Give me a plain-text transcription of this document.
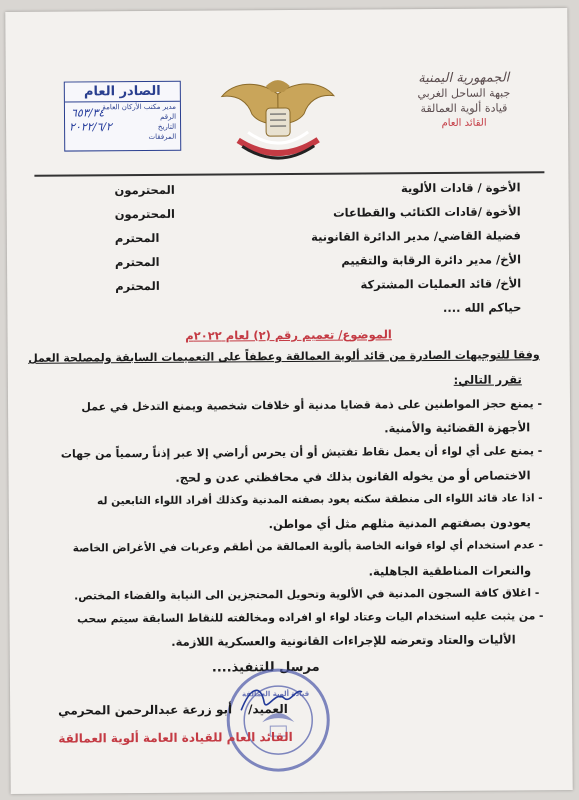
الجمهورية اليمنية
جبهة الساحل الغربي
قيادة ألوية العمالقة
القائد العام
الصادر العام
مدير مكتب الأركان العامة
الرقم
التاريخ
المرفقات
٦٥٣/٣٤
٢٠٢٢/٦/٢
الأخوة / قادات الألوية
المحترمون
الأخوة /قادات الكتائب والقطاعات
المحترمون
فضيلة القاضي/ مدير الدائرة القانونية
المحترم
الأخ/ مدير دائرة الرقابة والتقييم
المحترم
الأخ/ قائد العمليات المشتركة
المحترم
حياكم الله ....
الموضوع/ تعميم رقم (٢) لعام ٢٠٢٢م
وفقا للتوجيهات الصادرة من قائد ألوية العمالقة وعطفاً على التعميمات السابقة ولمصلحة العمل
تقرر التالي:
- يمنع حجز المواطنين على ذمة قضايا مدنية أو خلافات شخصية ويمنع التدخل في عمل
الأجهزة القضائية والأمنية.
- يمنع على أي لواء أن يعمل نقاط تفتيش أو أن يحرس أراضي إلا عبر إذناً رسمياً من جهات
الاختصاص أو من يخوله القانون بذلك في محافظتي عدن و لحج.
- اذا عاد قائد اللواء الى منطقة سكنه يعود بصفته المدنية وكذلك أفراد اللواء التابعين له
يعودون بصفتهم المدنية مثلهم مثل أي مواطن.
- عدم استخدام أي لواء قوانه الخاصة بألوية العمالقة من أطقم وعربات في الأغراض الخاصة
والنعرات المناطقية الجاهلية.
- اغلاق كافة السجون المدنية في الألوية وتحويل المحتجزين الى النيابة والقضاء المختص.
- من يثبت عليه استخدام اليات وعتاد لواء او افراده ومخالفته للنقاط السابقة سيتم سحب
الأليات والعتاد وتعرضه للإجراءات القانونية والعسكرية اللازمة.
مرسل للتنفيذ....
قيادة ألوية العمالقة
العميد/
أبو زرعة عبدالرحمن المحرمي
القائد العام للقيادة العامة ألوية العمالقة
